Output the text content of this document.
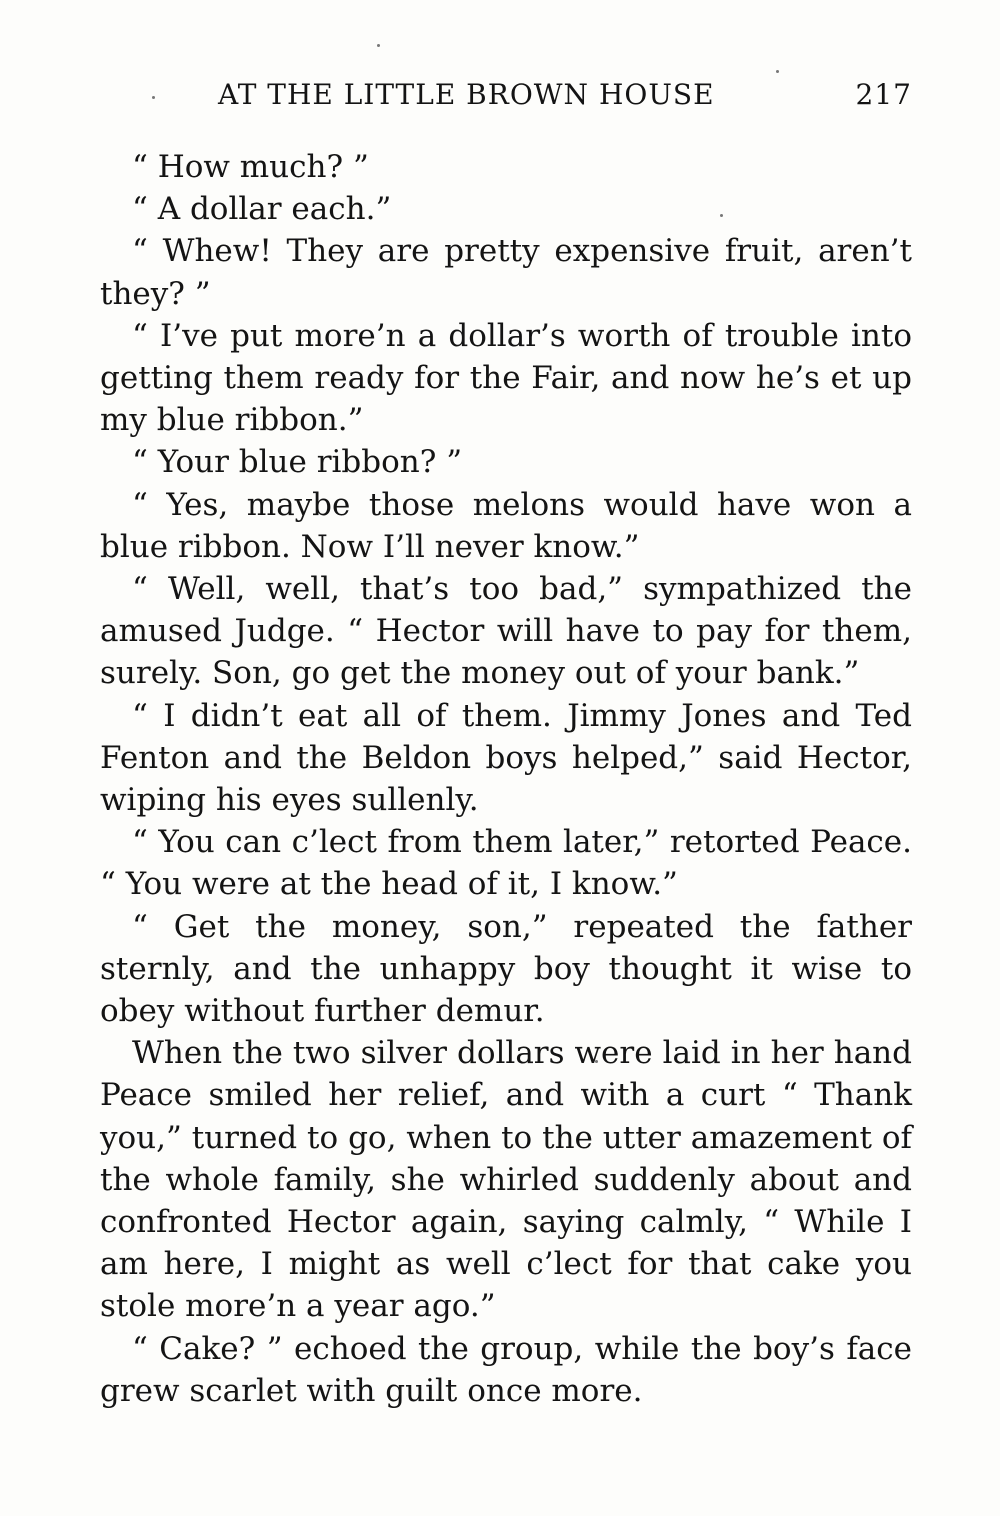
AT THE LITTLE BROWN HOUSE	217

“ How much? ”

“ A dollar each.”

“ Whew! They are pretty expensive fruit, aren’t they? ”

“ I’ve put more’n a dollar’s worth of trouble into getting them ready for the Fair, and now he’s et up my blue ribbon.”

“ Your blue ribbon? ”

“ Yes, maybe those melons would have won a blue ribbon. Now I’ll never know.”

“ Well, well, that’s too bad,” sympathized the amused Judge. “ Hector will have to pay for them, surely. Son, go get the money out of your bank.”

“ I didn’t eat all of them. Jimmy Jones and Ted Fenton and the Beldon boys helped,” said Hector, wiping his eyes sullenly.

“ You can c’lect from them later,” retorted Peace. “ You were at the head of it, I know.”

“ Get the money, son,” repeated the father sternly, and the unhappy boy thought it wise to obey without further demur.

When the two silver dollars were laid in her hand Peace smiled her relief, and with a curt “ Thank you,” turned to go, when to the utter amazement of the whole family, she whirled suddenly about and confronted Hector again, saying calmly, “ While I am here, I might as well c’lect for that cake you stole more’n a year ago.”

“ Cake? ” echoed the group, while the boy’s face grew scarlet with guilt once more.
